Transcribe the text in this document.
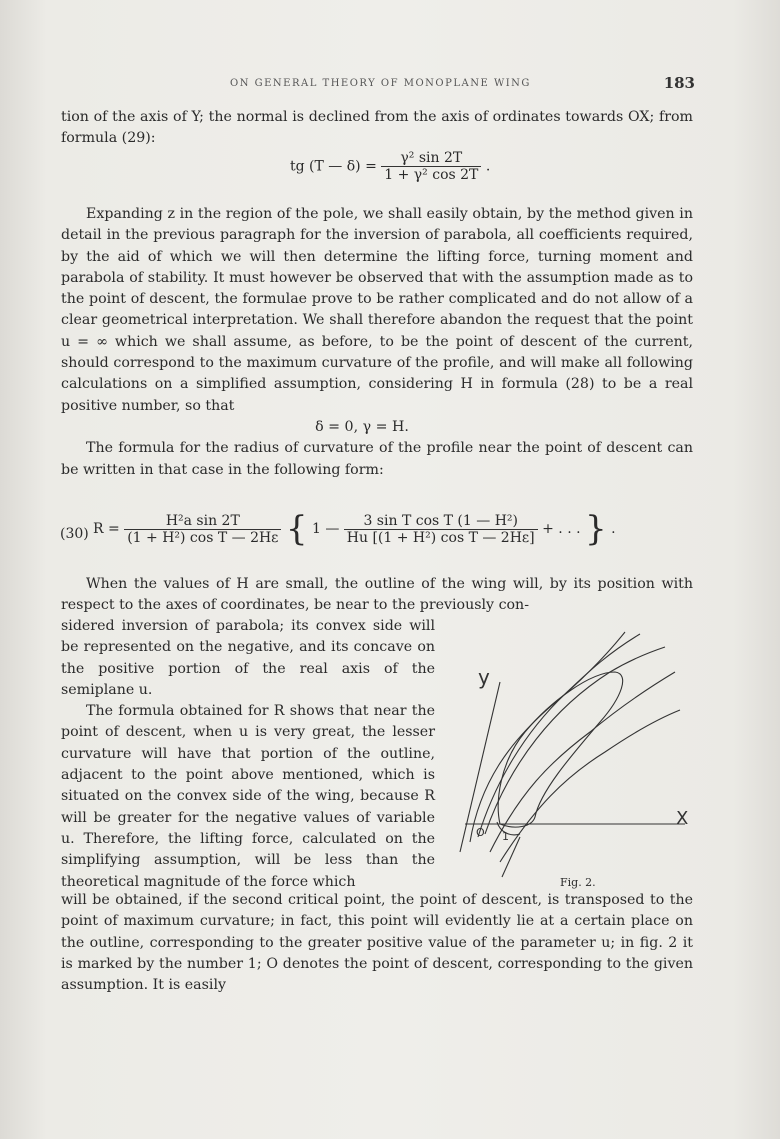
ON GENERAL THEORY OF MONOPLANE WING	183

tion of the axis of Y; the normal is declined from the axis of ordinates towards OX; from formula (29):

tg (T — $\delta) = \frac{\text{γ² sin 2T}}{\text{1 + γ² cos 2T}}$ .

Expanding z in the region of the pole, we shall easily obtain, by the method given in detail in the previous paragraph for the inversion of parabola, all coefficients required, by the aid of which we will then determine the lifting force, turning moment and parabola of stability. It must however be observed that with the assumption made as to the point of descent, the formulae prove to be rather complicated and do not allow of a clear geometrical interpretation. We shall therefore abandon the request that the point u = ∞ which we shall assume, as before, to be the point of descent of the current, should correspond to the maximum curvature of the profile, and will make all following calculations on a simplified assumption, considering H in formula (28) to be a real positive number, so that

δ = 0, γ = H.

The formula for the radius of curvature of the profile near the point of descent can be written in that case in the following form:

(30) $R = \frac{\text{H²a sin 2T}}{\text{(1 + H²) cos T — 2Hε}}$ { 1 — $\frac{\text{3 sin T cos T (1 — H²)}}{\text{Hu [(1 + H²) cos T — 2Hε]}}$ + . . . } .

When the values of H are small, the outline of the wing will, by its position with respect to the axes of coordinates, be near to the previously con-

sidered inversion of parabola; its convex side will be represented on the negative, and its concave on the positive portion of the real axis of the semiplane u.

The formula obtained for R shows that near the point of descent, when u is very great, the lesser curvature will have that portion of the outline, adjacent to the point above mentioned, which is situated on the convex side of the wing, because R will be greater for the negative values of variable u. Therefore, the lifting force, calculated on the simplifying assumption, will be less than the theoretical magnitude of the force which

y
X
O 1
Fig. 2.

will be obtained, if the second critical point, the point of descent, is transposed to the point of maximum curvature; in fact, this point will evidently lie at a certain place on the outline, corresponding to the greater positive value of the parameter u; in fig. 2 it is marked by the number 1; O denotes the point of descent, corresponding to the given assumption. It is easily
